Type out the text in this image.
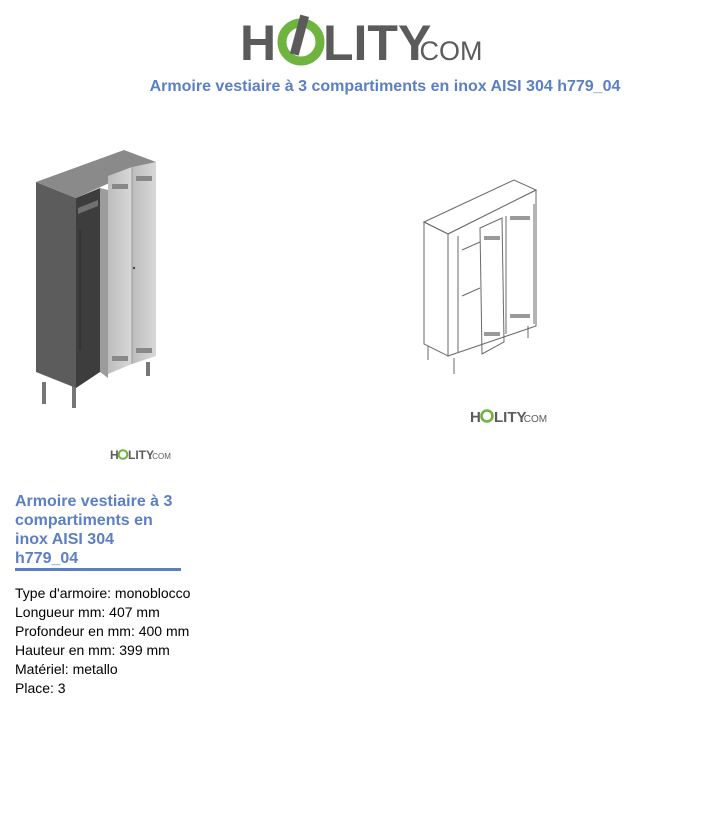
H LITY
.COM
Armoire vestiaire à 3 compartiments en inox AISI 304 h779_04
H LITY
.COM
H LITY
.COM
Armoire vestiaire à 3 compartiments en inox AISI 304 h779_04
Type d'armoire: monoblocco
Longueur mm: 407 mm
Profondeur en mm: 400 mm
Hauteur en mm: 399 mm
Matériel: metallo
Place: 3
